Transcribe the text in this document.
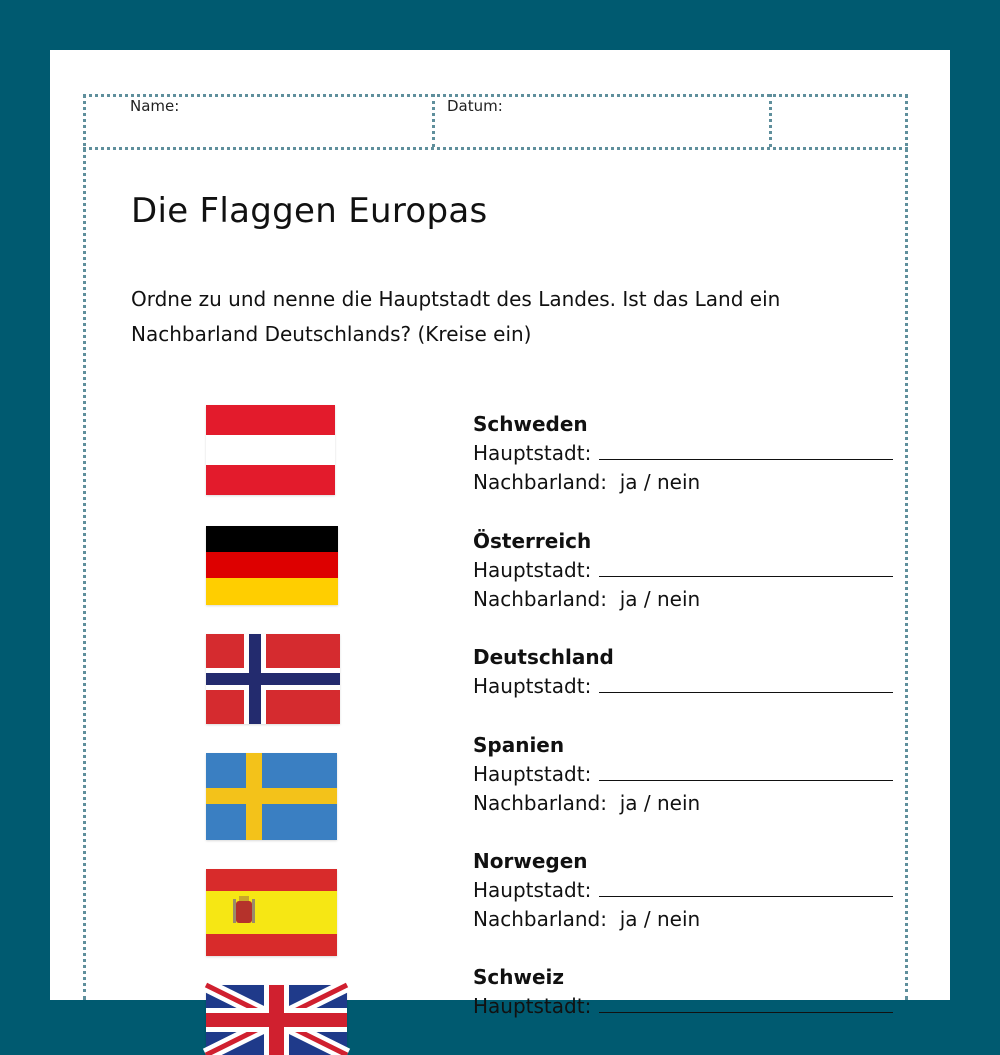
Name:	Datum:
Die Flaggen Europas
Ordne zu und nenne die Hauptstadt des Landes. Ist das Land ein Nachbarland Deutschlands? (Kreise ein)
Schweden
Hauptstadt:
Nachbarland:  ja / nein
Österreich
Hauptstadt:
Nachbarland:  ja / nein
Deutschland
Hauptstadt:
Spanien
Hauptstadt:
Nachbarland:  ja / nein
Norwegen
Hauptstadt:
Nachbarland:  ja / nein
Schweiz
Hauptstadt:
